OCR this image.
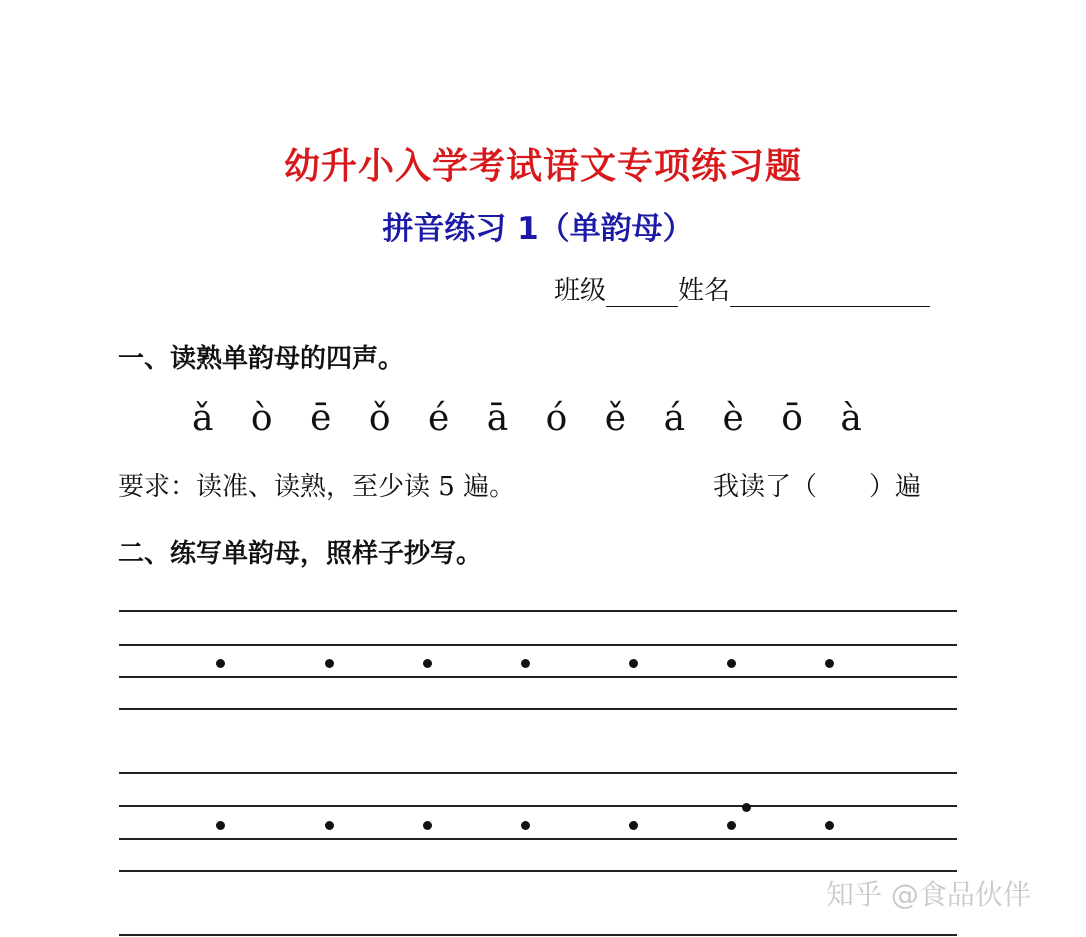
幼升小入学考试语文专项练习题
拼音练习 1（单韵母）
班级	姓名
一、读熟单韵母的四声。
ǎ ò ē ǒ é ā ó ě á è ō à
要求：读准、读熟，至少读 5 遍。	我读了（　　）遍
二、练写单韵母，照样子抄写。
知乎 @食品伙伴
